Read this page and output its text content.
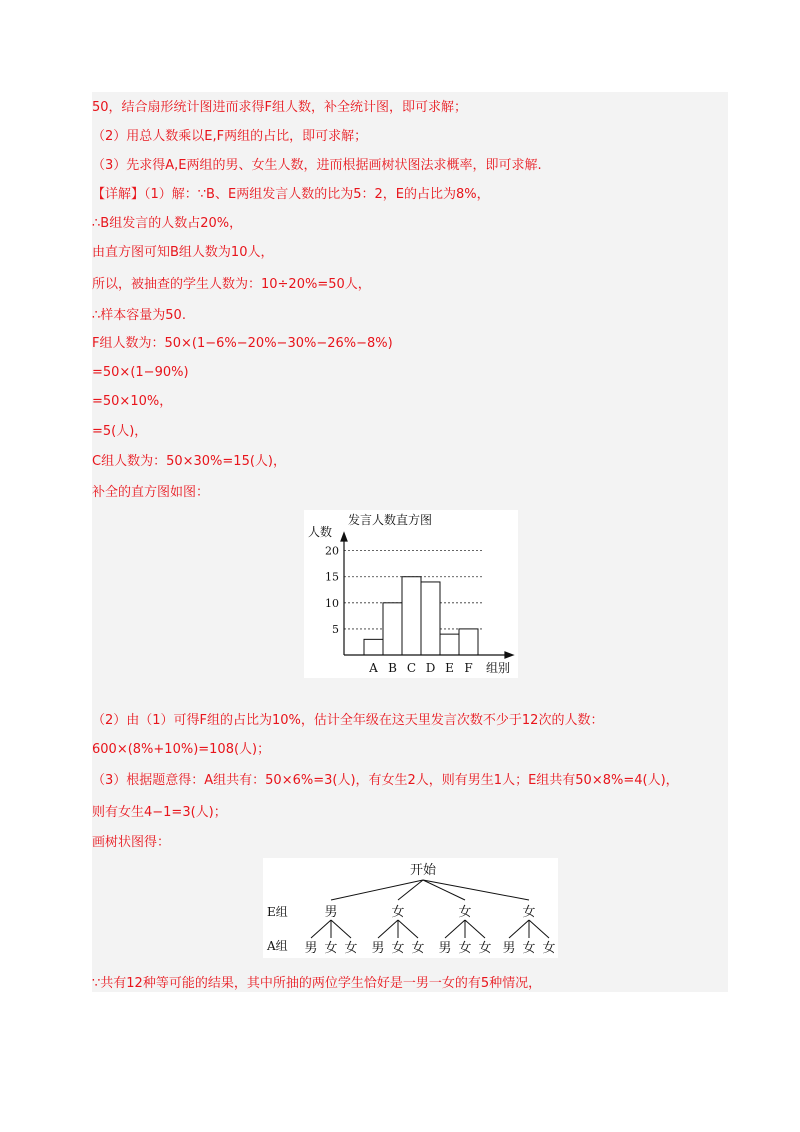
50，结合扇形统计图进而求得F组人数，补全统计图，即可求解；
（2）用总人数乘以E,F两组的占比，即可求解；
（3）先求得A,E两组的男、女生人数，进而根据画树状图法求概率，即可求解.
【详解】（1）解：∵B、E两组发言人数的比为5：2，E的占比为8%，
∴B组发言的人数占20%，
由直方图可知B组人数为10人，
所以，被抽查的学生人数为：10÷20%=50人，
∴样本容量为50.
F组人数为：50×(1−6%−20%−30%−26%−8%)
=50×(1−90%)
=50×10%，
=5(人)，
C组人数为：50×30%=15(人)，
补全的直方图如图：
发言人数直方图
人数
组别
5
10
15
20
A B C D E F
（2）由（1）可得F组的占比为10%，估计全年级在这天里发言次数不少于12次的人数：
600×(8%+10%)=108(人)；
（3）根据题意得：A组共有：50×6%=3(人)，有女生2人，则有男生1人；E组共有50×8%=4(人)，
则有女生4−1=3(人)；
画树状图得：
开始
E组
A组
男
男 女 女
女
男 女 女
女
男 女 女
女
男 女 女
∵共有12种等可能的结果，其中所抽的两位学生恰好是一男一女的有5种情况，
